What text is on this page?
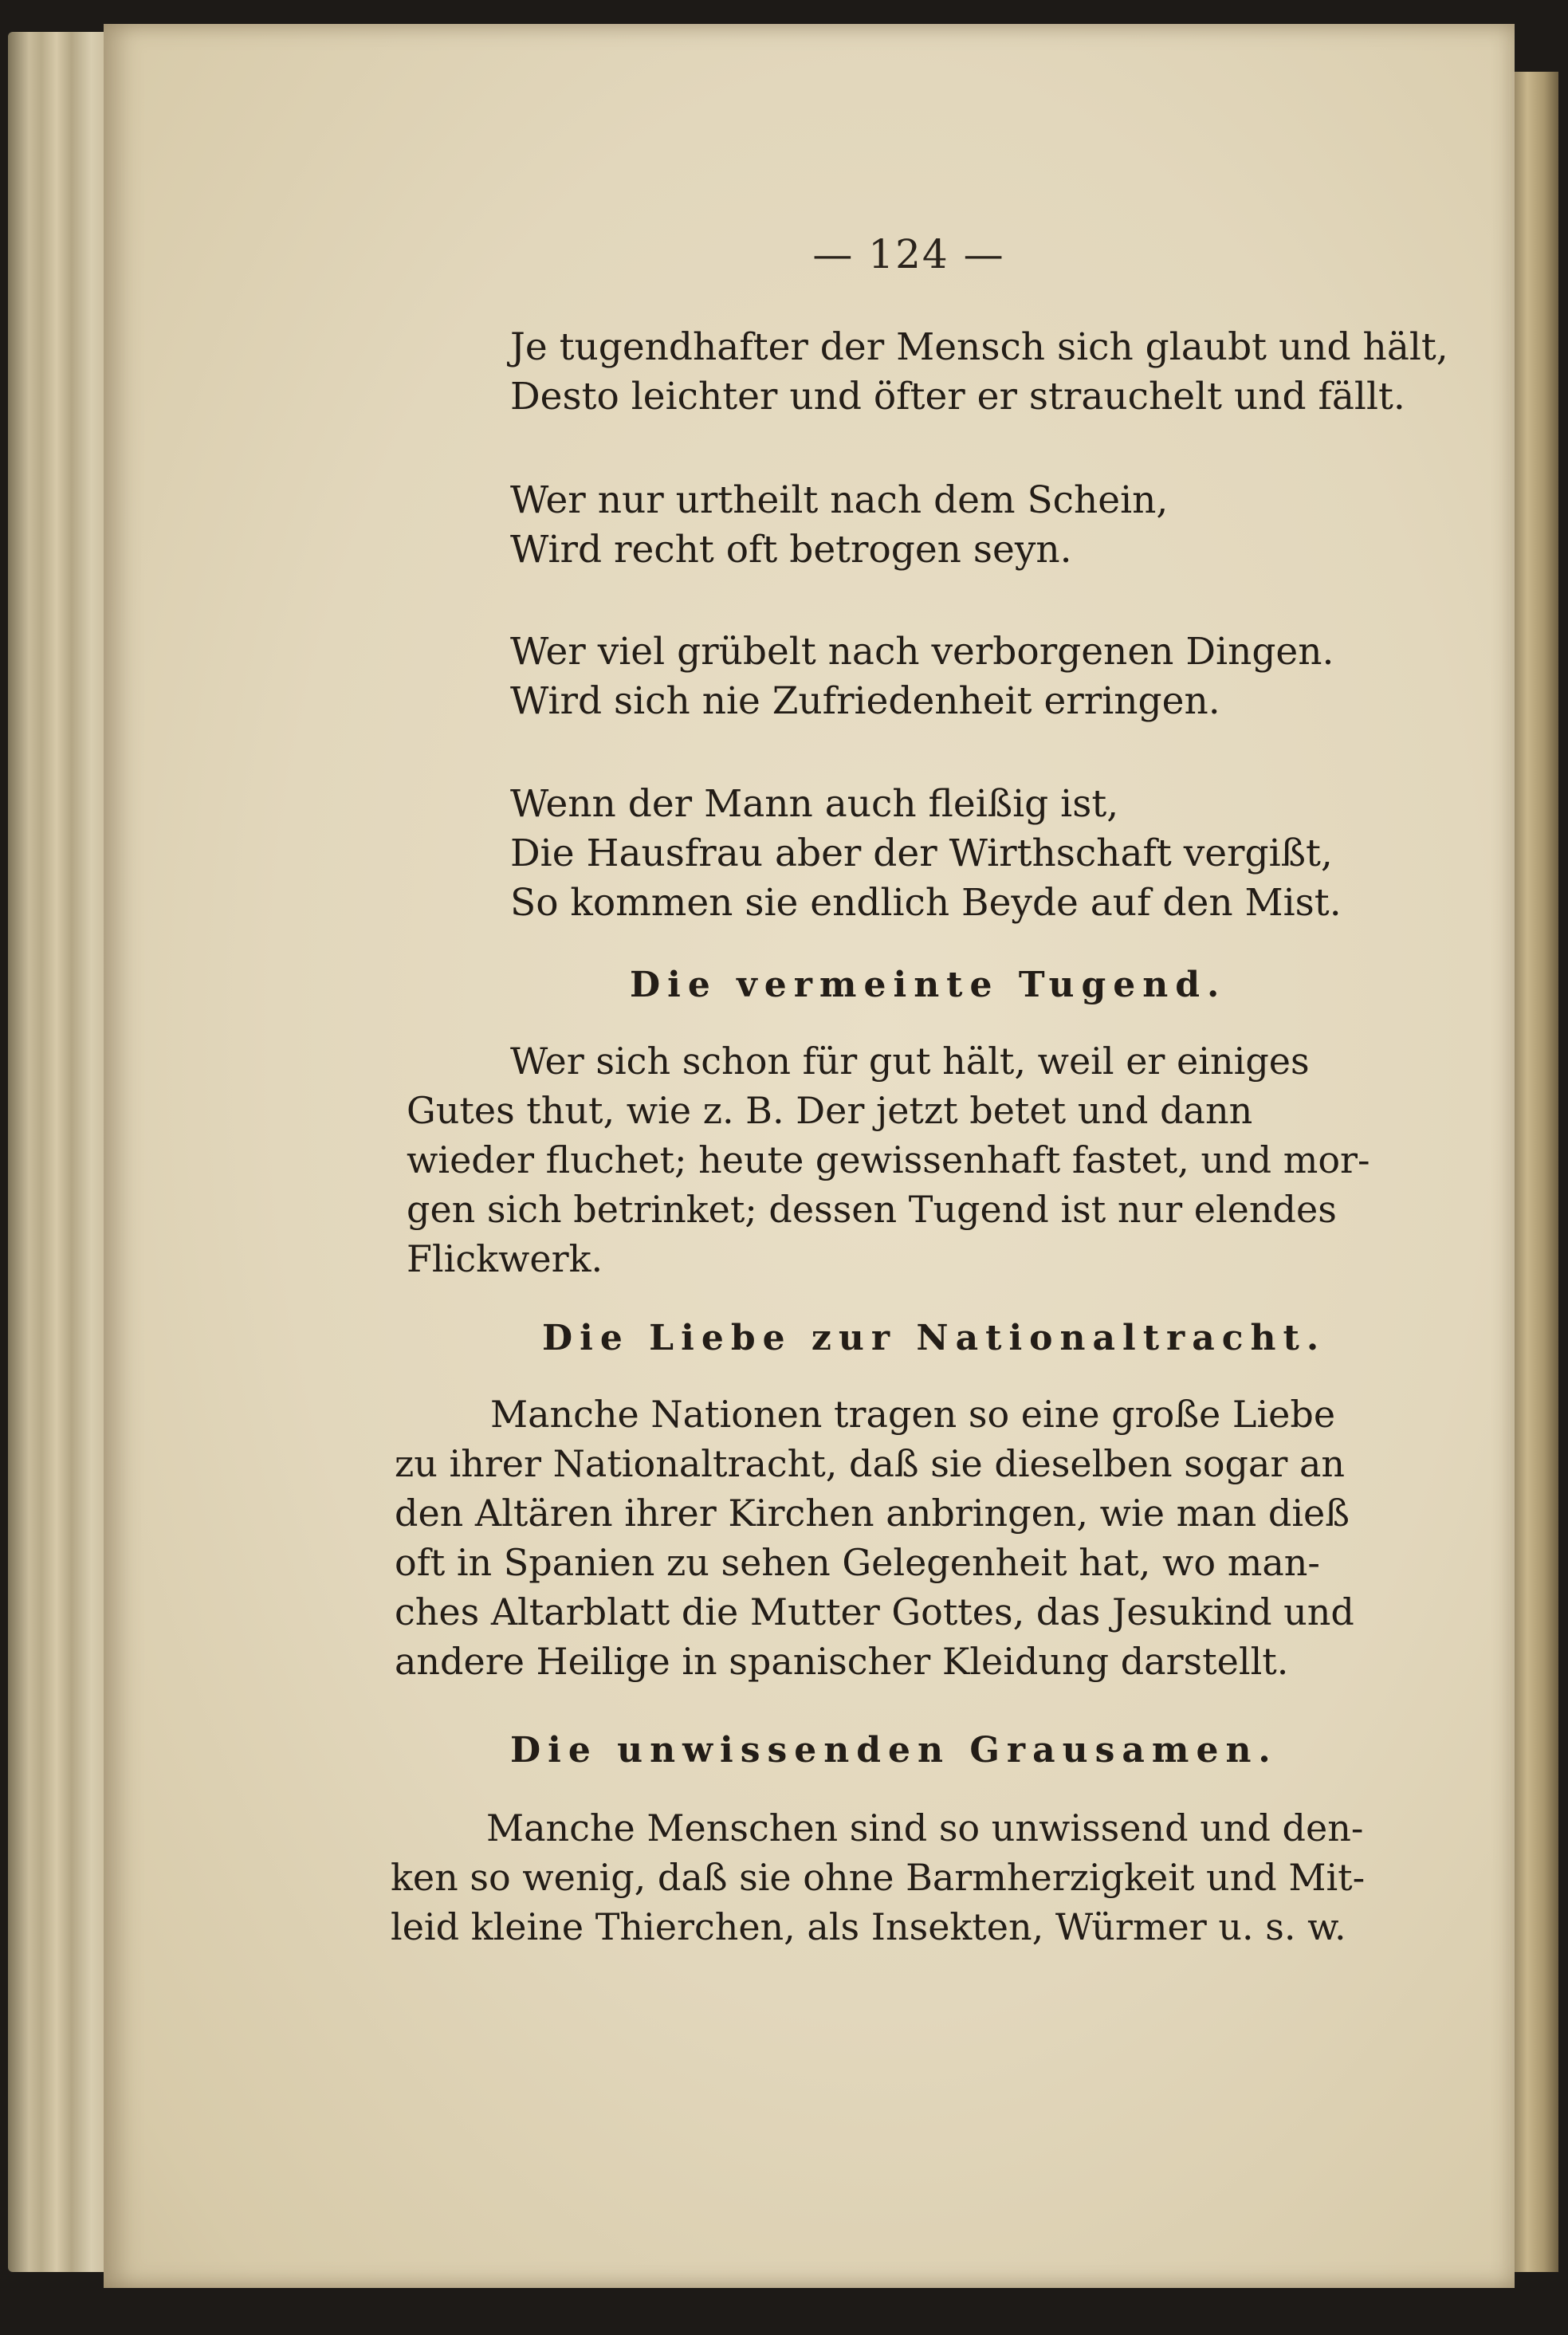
— 124 —
Je tugendhafter der Mensch sich glaubt und hält,
Desto leichter und öfter er strauchelt und fällt.
Wer nur urtheilt nach dem Schein,
Wird recht oft betrogen seyn.
Wer viel grübelt nach verborgenen Dingen.
Wird sich nie Zufriedenheit erringen.
Wenn der Mann auch fleißig ist,
Die Hausfrau aber der Wirthschaft vergißt,
So kommen sie endlich Beyde auf den Mist.
Die vermeinte Tugend.
Wer sich schon für gut hält, weil er einiges
Gutes thut, wie z. B. Der jetzt betet und dann
wieder fluchet; heute gewissenhaft fastet, und mor-
gen sich betrinket; dessen Tugend ist nur elendes
Flickwerk.
Die Liebe zur Nationaltracht.
Manche Nationen tragen so eine große Liebe
zu ihrer Nationaltracht, daß sie dieselben sogar an
den Altären ihrer Kirchen anbringen, wie man dieß
oft in Spanien zu sehen Gelegenheit hat, wo man-
ches Altarblatt die Mutter Gottes, das Jesukind und
andere Heilige in spanischer Kleidung darstellt.
Die unwissenden Grausamen.
Manche Menschen sind so unwissend und den-
ken so wenig, daß sie ohne Barmherzigkeit und Mit-
leid kleine Thierchen, als Insekten, Würmer u. s. w.
